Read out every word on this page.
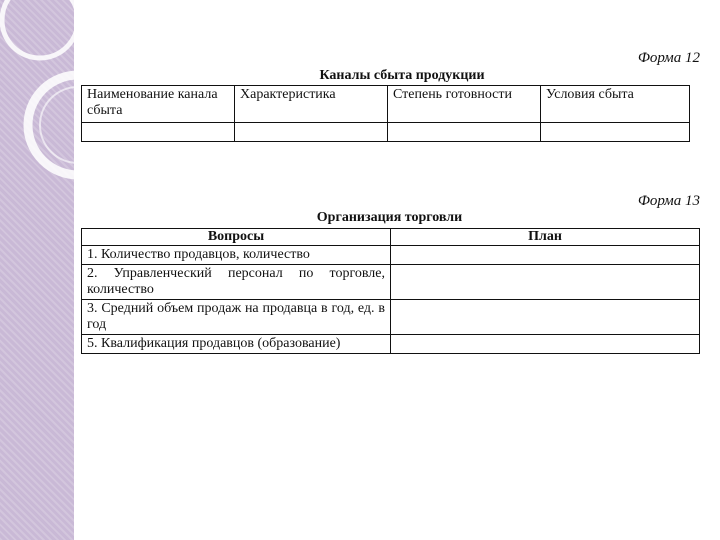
Форма 12
Каналы сбыта продукции
Наименование канала сбыта	Характеристика	Степень готовности	Условия сбыта

Форма 13
Организация торговли
Вопросы	План
1. Количество продавцов, количество	
2. Управленческий персонал по торговле, количество	
3. Средний объем продаж на продавца в год, ед. в год	
5. Квалификация продавцов (образование)	
